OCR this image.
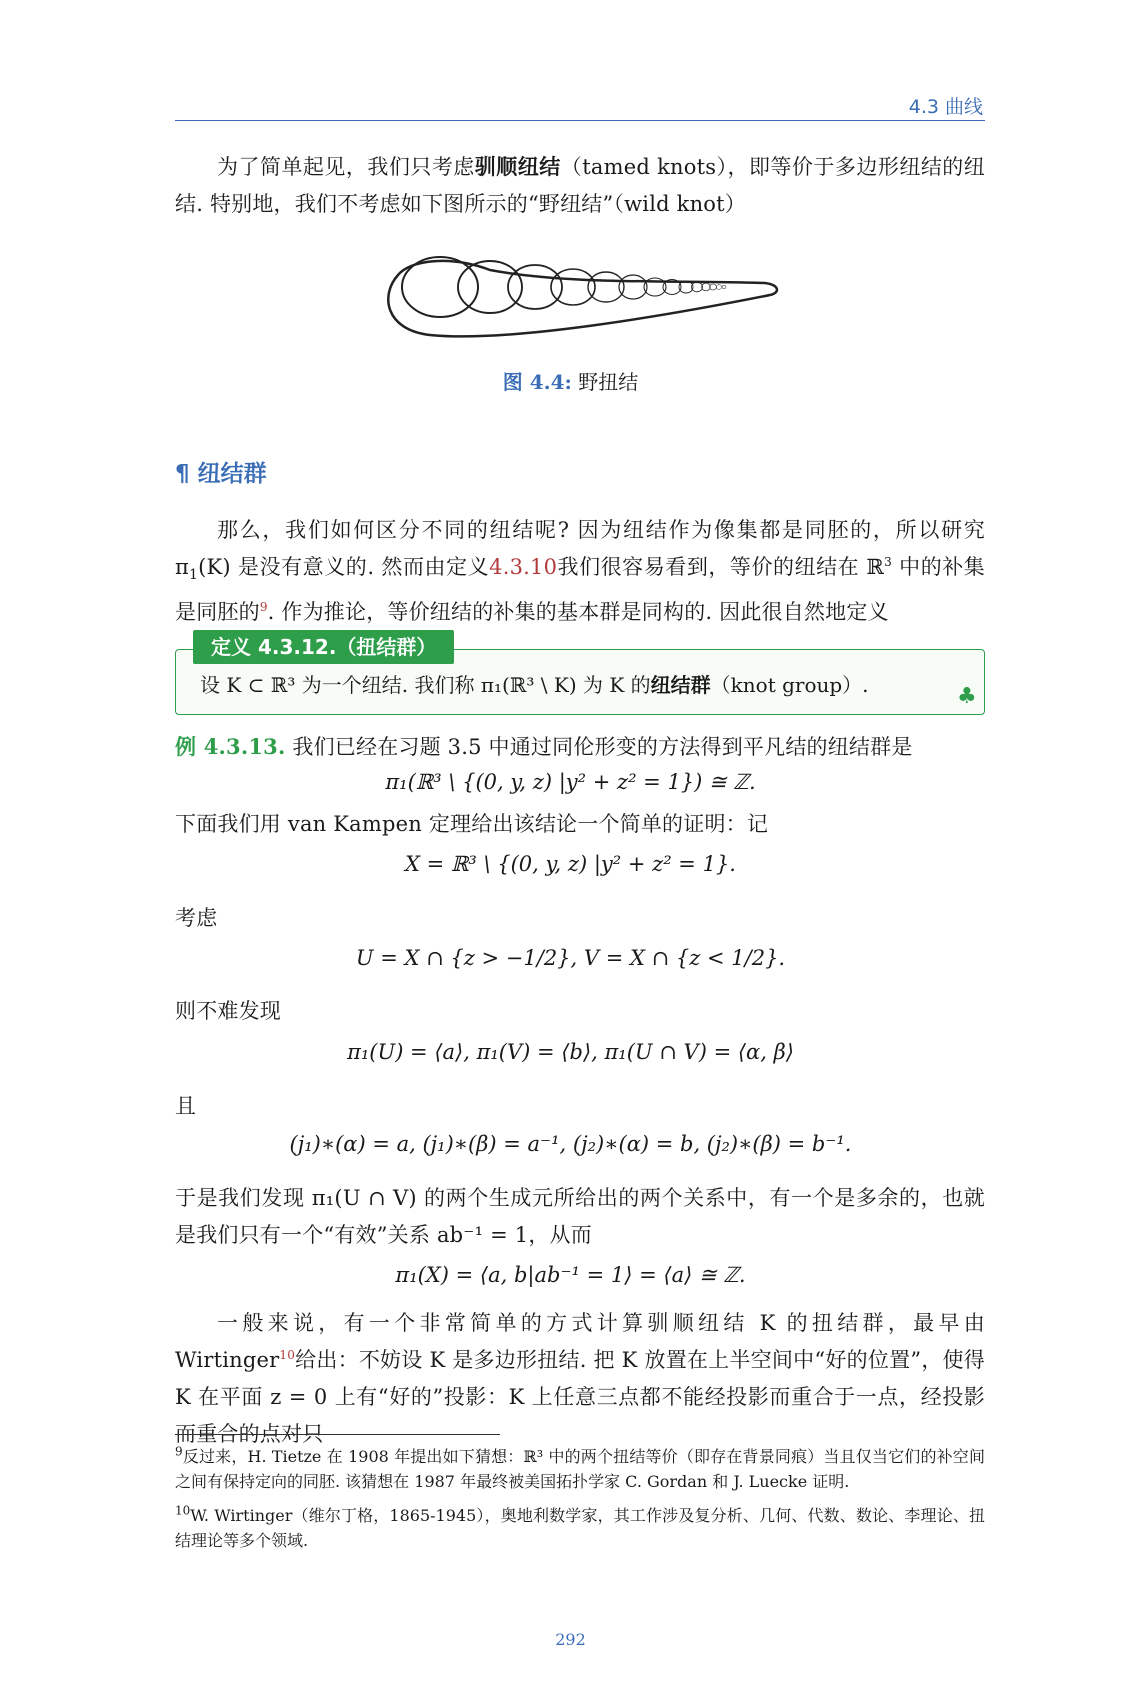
4.3 曲线
为了简单起见，我们只考虑驯顺纽结（tamed knots），即等价于多边形纽结的纽结. 特别地，我们不考虑如下图所示的“野纽结”（wild knot）
图 4.4: 野扭结
¶ 纽结群
那么，我们如何区分不同的纽结呢? 因为纽结作为像集都是同胚的，所以研究 $\pi_1(K)$ 是没有意义的. 然而由定义4.3.10我们很容易看到，等价的纽结在 ℝ$^3$ 中的补集是同胚的$^9$. 作为推论，等价纽结的补集的基本群是同构的. 因此很自然地定义
定义 4.3.12.（扭结群）
设 K ⊂ ℝ³ 为一个纽结. 我们称 π₁(ℝ³ \ K) 为 K 的纽结群（knot group）.	♣
例 4.3.13. 我们已经在习题 3.5 中通过同伦形变的方法得到平凡结的纽结群是
π₁(ℝ³ \ {(0, y, z) |y² + z² = 1}) ≅ ℤ.
下面我们用 van Kampen 定理给出该结论一个简单的证明：记
X = ℝ³ \ {(0, y, z) |y² + z² = 1}.
考虑
U = X ∩ {z > −1/2}, V = X ∩ {z < 1/2}.
则不难发现
π₁(U) = ⟨a⟩, π₁(V) = ⟨b⟩, π₁(U ∩ V) = ⟨α, β⟩
且
(j₁)∗(α) = a, (j₁)∗(β) = a⁻¹, (j₂)∗(α) = b, (j₂)∗(β) = b⁻¹.
于是我们发现 π₁(U ∩ V) 的两个生成元所给出的两个关系中，有一个是多余的，也就是我们只有一个“有效”关系 ab⁻¹ = 1，从而
π₁(X) = ⟨a, b|ab⁻¹ = 1⟩ = ⟨a⟩ ≅ ℤ.
一般来说，有一个非常简单的方式计算驯顺纽结 K 的扭结群，最早由 Wirtinger$^{10}$给出：不妨设 K 是多边形扭结. 把 K 放置在上半空间中“好的位置”，使得 K 在平面 z = 0 上有“好的”投影：K 上任意三点都不能经投影而重合于一点，经投影而重合的点对只
$^9$反过来，H. Tietze 在 1908 年提出如下猜想：ℝ³ 中的两个扭结等价（即存在背景同痕）当且仅当它们的补空间之间有保持定向的同胚. 该猜想在 1987 年最终被美国拓扑学家 C. Gordan 和 J. Luecke 证明.
$^{10}$W. Wirtinger（维尔丁格，1865-1945），奥地利数学家，其工作涉及复分析、几何、代数、数论、李理论、扭结理论等多个领域.
292
